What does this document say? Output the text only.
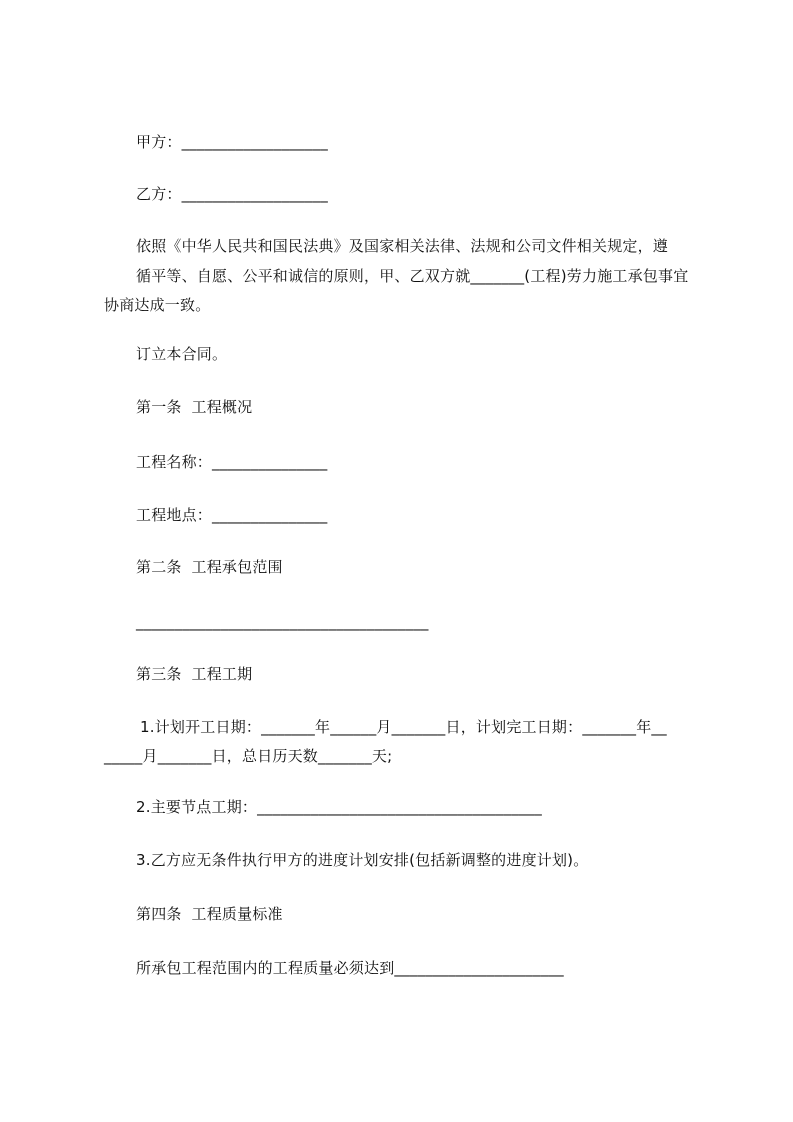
甲方：___________________
乙方：___________________
依照《中华人民共和国民法典》及国家相关法律、法规和公司文件相关规定，遵
循平等、自愿、公平和诚信的原则，甲、乙双方就_______(工程)劳力施工承包事宜
协商达成一致。
订立本合同。
第一条  工程概况
工程名称：_______________
工程地点：_______________
第二条  工程承包范围
______________________________________
第三条  工程工期
1.计划开工日期：_______年______月_______日，计划完工日期：_______年__
_____月_______日，总日历天数_______天;
2.主要节点工期：_____________________________________
3.乙方应无条件执行甲方的进度计划安排(包括新调整的进度计划)。
第四条  工程质量标准
所承包工程范围内的工程质量必须达到______________________
